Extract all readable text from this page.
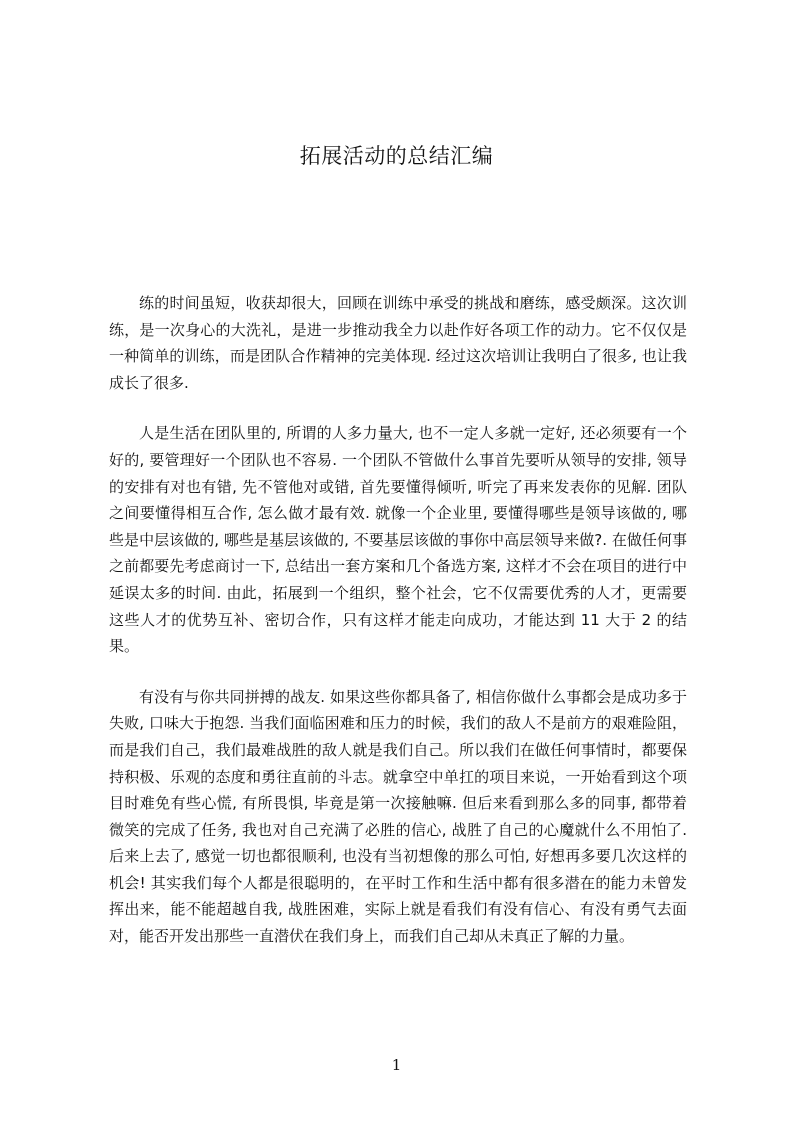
拓展活动的总结汇编

练的时间虽短，收获却很大，回顾在训练中承受的挑战和磨练，感受颇深。这次训练，是一次身心的大洗礼，是进一步推动我全力以赴作好各项工作的动力。它不仅仅是一种简单的训练，而是团队合作精神的完美体现. 经过这次培训让我明白了很多, 也让我成长了很多.

人是生活在团队里的, 所谓的人多力量大, 也不一定人多就一定好, 还必须要有一个好的, 要管理好一个团队也不容易. 一个团队不管做什么事首先要听从领导的安排, 领导的安排有对也有错, 先不管他对或错, 首先要懂得倾听, 听完了再来发表你的见解. 团队之间要懂得相互合作, 怎么做才最有效. 就像一个企业里, 要懂得哪些是领导该做的, 哪些是中层该做的, 哪些是基层该做的, 不要基层该做的事你中高层领导来做?. 在做任何事之前都要先考虑商讨一下, 总结出一套方案和几个备选方案, 这样才不会在项目的进行中延误太多的时间. 由此，拓展到一个组织，整个社会，它不仅需要优秀的人才，更需要这些人才的优势互补、密切合作，只有这样才能走向成功，才能达到 11 大于 2 的结果。

有没有与你共同拼搏的战友. 如果这些你都具备了, 相信你做什么事都会是成功多于失败, 口味大于抱怨. 当我们面临困难和压力的时候，我们的敌人不是前方的艰难险阻，而是我们自己，我们最难战胜的敌人就是我们自己。所以我们在做任何事情时，都要保持积极、乐观的态度和勇往直前的斗志。就拿空中单扛的项目来说，一开始看到这个项目时难免有些心慌, 有所畏惧, 毕竟是第一次接触嘛. 但后来看到那么多的同事, 都带着微笑的完成了任务, 我也对自己充满了必胜的信心, 战胜了自己的心魔就什么不用怕了. 后来上去了, 感觉一切也都很顺利, 也没有当初想像的那么可怕, 好想再多要几次这样的机会! 其实我们每个人都是很聪明的，在平时工作和生活中都有很多潜在的能力未曾发挥出来，能不能超越自我, 战胜困难，实际上就是看我们有没有信心、有没有勇气去面对，能否开发出那些一直潜伏在我们身上，而我们自己却从未真正了解的力量。

1
